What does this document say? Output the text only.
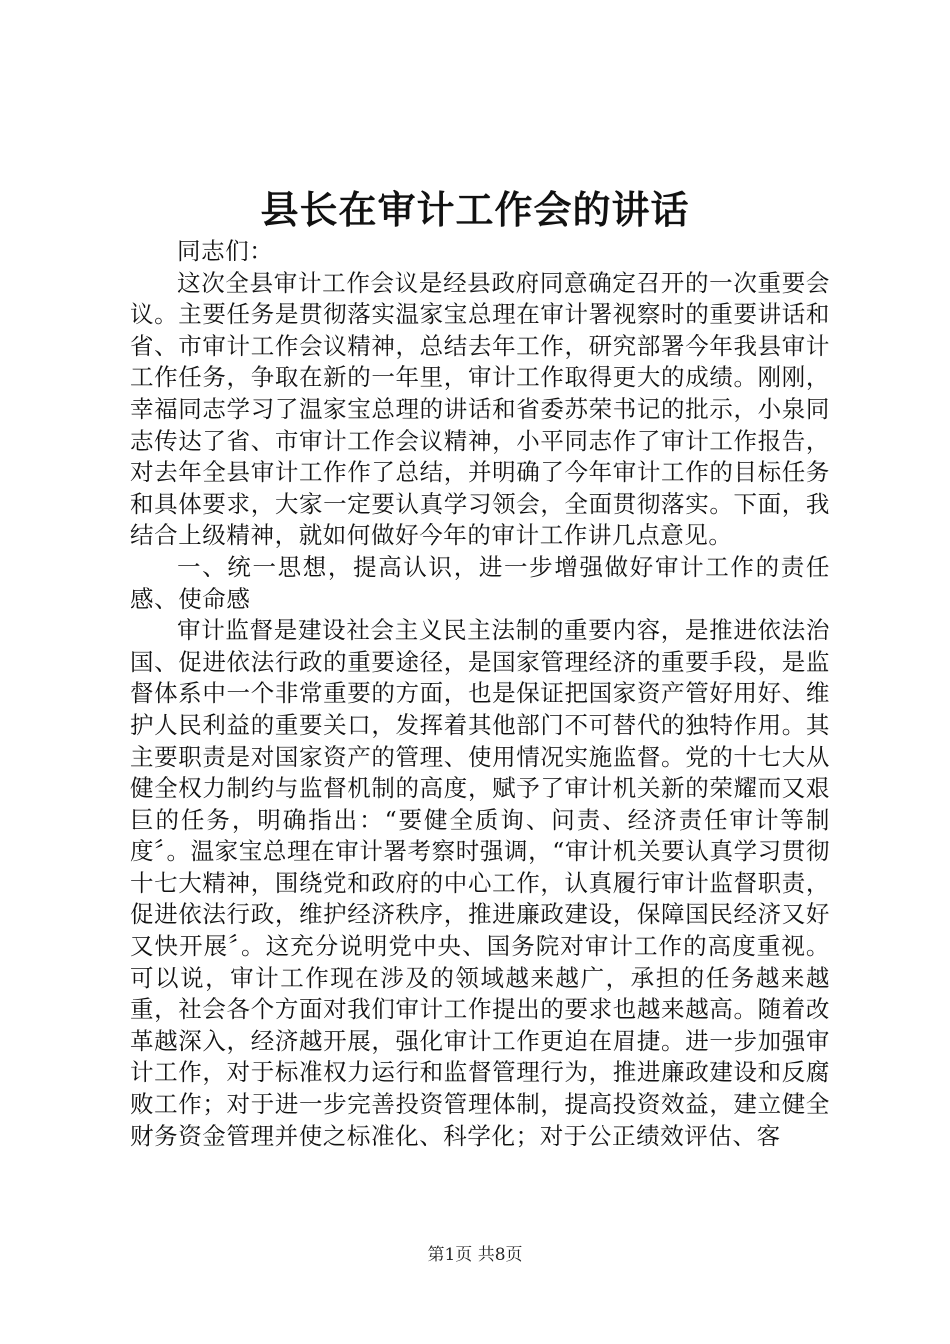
县长在审计工作会的讲话

同志们：

这次全县审计工作会议是经县政府同意确定召开的一次重要会议。主要任务是贯彻落实温家宝总理在审计署视察时的重要讲话和省、市审计工作会议精神，总结去年工作，研究部署今年我县审计工作任务，争取在新的一年里，审计工作取得更大的成绩。刚刚，幸福同志学习了温家宝总理的讲话和省委苏荣书记的批示，小泉同志传达了省、市审计工作会议精神，小平同志作了审计工作报告，对去年全县审计工作作了总结，并明确了今年审计工作的目标任务和具体要求，大家一定要认真学习领会，全面贯彻落实。下面，我结合上级精神，就如何做好今年的审计工作讲几点意见。

一、统一思想，提高认识，进一步增强做好审计工作的责任感、使命感

审计监督是建设社会主义民主法制的重要内容，是推进依法治国、促进依法行政的重要途径，是国家管理经济的重要手段，是监督体系中一个非常重要的方面，也是保证把国家资产管好用好、维护人民利益的重要关口，发挥着其他部门不可替代的独特作用。其主要职责是对国家资产的管理、使用情况实施监督。党的十七大从健全权力制约与监督机制的高度，赋予了审计机关新的荣耀而又艰巨的任务，明确指出：“要健全质询、问责、经济责任审计等制度〞。温家宝总理在审计署考察时强调，“审计机关要认真学习贯彻十七大精神，围绕党和政府的中心工作，认真履行审计监督职责，促进依法行政，维护经济秩序，推进廉政建设，保障国民经济又好又快开展〞。这充分说明党中央、国务院对审计工作的高度重视。可以说，审计工作现在涉及的领域越来越广，承担的任务越来越重，社会各个方面对我们审计工作提出的要求也越来越高。随着改革越深入，经济越开展，强化审计工作更迫在眉捷。进一步加强审计工作，对于标准权力运行和监督管理行为，推进廉政建设和反腐败工作；对于进一步完善投资管理体制，提高投资效益，建立健全财务资金管理并使之标准化、科学化；对于公正绩效评估、客

第1页 共8页
